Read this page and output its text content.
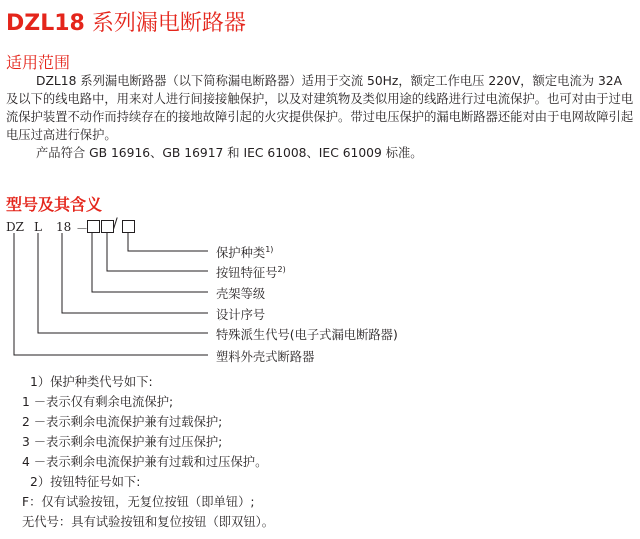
DZL18 系列漏电断路器
适用范围

DZL18 系列漏电断路器（以下简称漏电断路器）适用于交流 50Hz，额定工作电压 220V，额定电流为 32A及以下的线电路中，用来对人进行间接接触保护，以及对建筑物及类似用途的线路进行过电流保护。也可对由于过电流保护装置不动作而持续存在的接地故障引起的火灾提供保护。带过电压保护的漏电断路器还能对由于电网故障引起电压过高进行保护。

产品符合 GB 16916、GB 16917 和 IEC 61008、IEC 61009 标准。

型号及其含义
DZ L 18 － /
保护种类$^{1)}$
按钮特征号$^{2)}$
壳架等级
设计序号
特殊派生代号(电子式漏电断路器)
塑料外壳式断路器
1）保护种类代号如下:
1 －表示仅有剩余电流保护;
2 －表示剩余电流保护兼有过载保护;
3 －表示剩余电流保护兼有过压保护;
4 －表示剩余电流保护兼有过载和过压保护。
2）按钮特征号如下:
F：仅有试验按钮，无复位按钮（即单钮）;
无代号：具有试验按钮和复位按钮（即双钮）。
